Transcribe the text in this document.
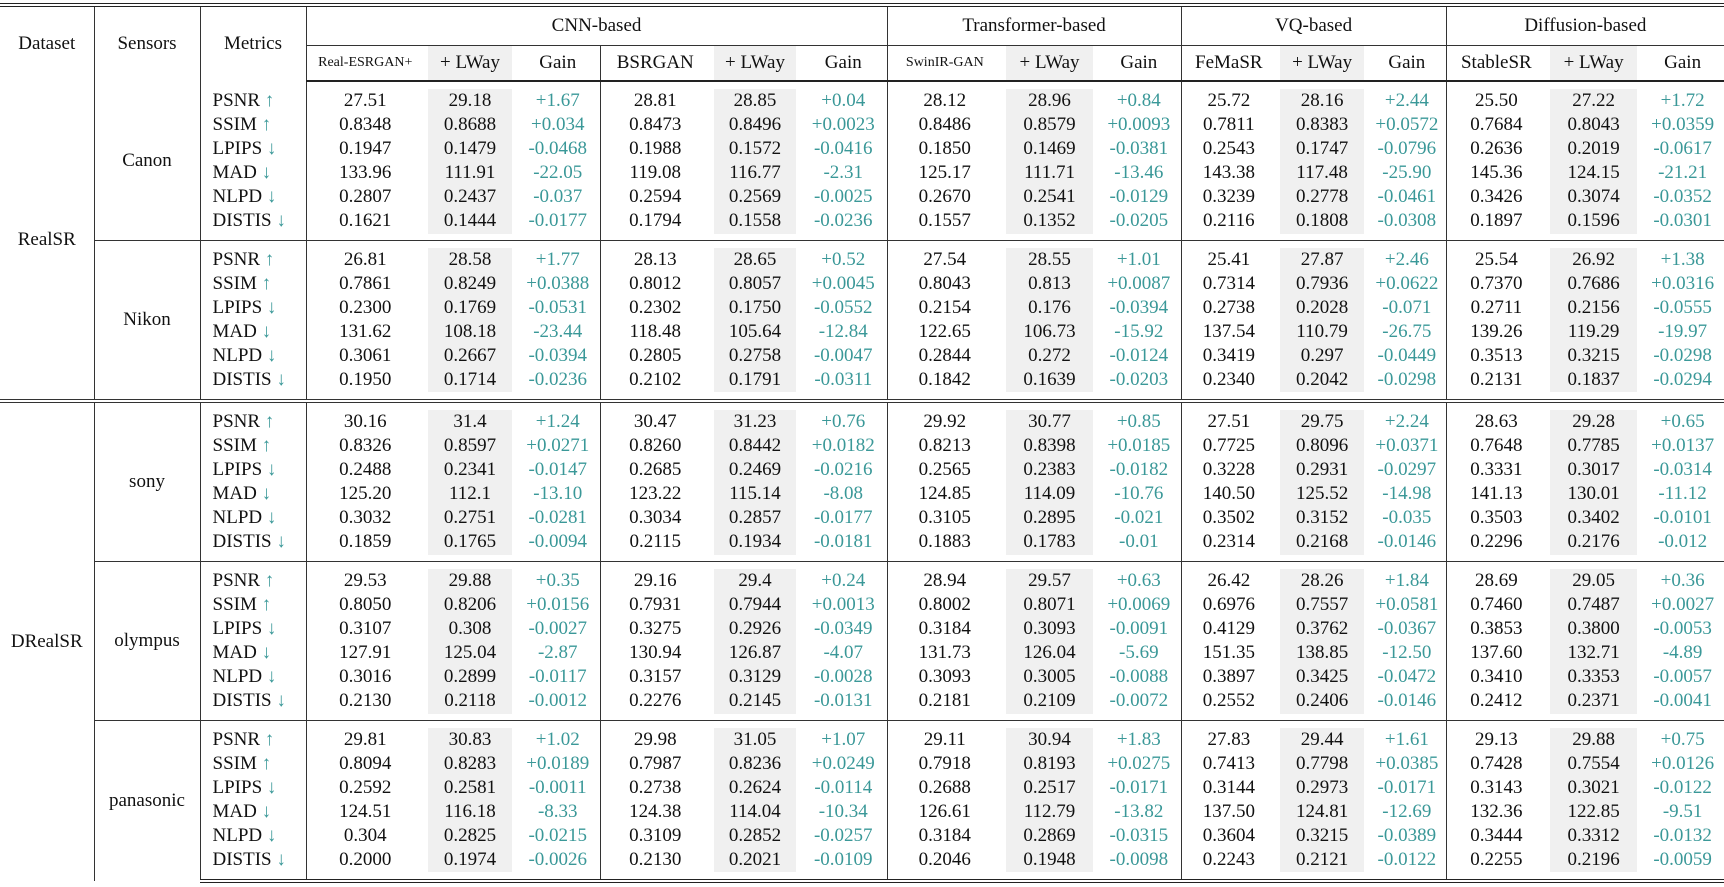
Dataset	Sensors	Metrics	CNN-based						Transformer-based			VQ-based			Diffusion-based		
			Real-ESRGAN+	+ LWay	Gain	BSRGAN	+ LWay	Gain	SwinIR-GAN	+ LWay	Gain	FeMaSR	+ LWay	Gain	StableSR	+ LWay	Gain
RealSR	Canon	PSNR ↑	27.51	29.18	+1.67	28.81	28.85	+0.04	28.12	28.96	+0.84	25.72	28.16	+2.44	25.50	27.22	+1.72
		SSIM ↑	0.8348	0.8688	+0.034	0.8473	0.8496	+0.0023	0.8486	0.8579	+0.0093	0.7811	0.8383	+0.0572	0.7684	0.8043	+0.0359
		LPIPS ↓	0.1947	0.1479	-0.0468	0.1988	0.1572	-0.0416	0.1850	0.1469	-0.0381	0.2543	0.1747	-0.0796	0.2636	0.2019	-0.0617
		MAD ↓	133.96	111.91	-22.05	119.08	116.77	-2.31	125.17	111.71	-13.46	143.38	117.48	-25.90	145.36	124.15	-21.21
		NLPD ↓	0.2807	0.2437	-0.037	0.2594	0.2569	-0.0025	0.2670	0.2541	-0.0129	0.3239	0.2778	-0.0461	0.3426	0.3074	-0.0352
		DISTIS ↓	0.1621	0.1444	-0.0177	0.1794	0.1558	-0.0236	0.1557	0.1352	-0.0205	0.2116	0.1808	-0.0308	0.1897	0.1596	-0.0301
	Nikon	PSNR ↑	26.81	28.58	+1.77	28.13	28.65	+0.52	27.54	28.55	+1.01	25.41	27.87	+2.46	25.54	26.92	+1.38
		SSIM ↑	0.7861	0.8249	+0.0388	0.8012	0.8057	+0.0045	0.8043	0.813	+0.0087	0.7314	0.7936	+0.0622	0.7370	0.7686	+0.0316
		LPIPS ↓	0.2300	0.1769	-0.0531	0.2302	0.1750	-0.0552	0.2154	0.176	-0.0394	0.2738	0.2028	-0.071	0.2711	0.2156	-0.0555
		MAD ↓	131.62	108.18	-23.44	118.48	105.64	-12.84	122.65	106.73	-15.92	137.54	110.79	-26.75	139.26	119.29	-19.97
		NLPD ↓	0.3061	0.2667	-0.0394	0.2805	0.2758	-0.0047	0.2844	0.272	-0.0124	0.3419	0.297	-0.0449	0.3513	0.3215	-0.0298
		DISTIS ↓	0.1950	0.1714	-0.0236	0.2102	0.1791	-0.0311	0.1842	0.1639	-0.0203	0.2340	0.2042	-0.0298	0.2131	0.1837	-0.0294
DRealSR	sony	PSNR ↑	30.16	31.4	+1.24	30.47	31.23	+0.76	29.92	30.77	+0.85	27.51	29.75	+2.24	28.63	29.28	+0.65
		SSIM ↑	0.8326	0.8597	+0.0271	0.8260	0.8442	+0.0182	0.8213	0.8398	+0.0185	0.7725	0.8096	+0.0371	0.7648	0.7785	+0.0137
		LPIPS ↓	0.2488	0.2341	-0.0147	0.2685	0.2469	-0.0216	0.2565	0.2383	-0.0182	0.3228	0.2931	-0.0297	0.3331	0.3017	-0.0314
		MAD ↓	125.20	112.1	-13.10	123.22	115.14	-8.08	124.85	114.09	-10.76	140.50	125.52	-14.98	141.13	130.01	-11.12
		NLPD ↓	0.3032	0.2751	-0.0281	0.3034	0.2857	-0.0177	0.3105	0.2895	-0.021	0.3502	0.3152	-0.035	0.3503	0.3402	-0.0101
		DISTIS ↓	0.1859	0.1765	-0.0094	0.2115	0.1934	-0.0181	0.1883	0.1783	-0.01	0.2314	0.2168	-0.0146	0.2296	0.2176	-0.012
	olympus	PSNR ↑	29.53	29.88	+0.35	29.16	29.4	+0.24	28.94	29.57	+0.63	26.42	28.26	+1.84	28.69	29.05	+0.36
		SSIM ↑	0.8050	0.8206	+0.0156	0.7931	0.7944	+0.0013	0.8002	0.8071	+0.0069	0.6976	0.7557	+0.0581	0.7460	0.7487	+0.0027
		LPIPS ↓	0.3107	0.308	-0.0027	0.3275	0.2926	-0.0349	0.3184	0.3093	-0.0091	0.4129	0.3762	-0.0367	0.3853	0.3800	-0.0053
		MAD ↓	127.91	125.04	-2.87	130.94	126.87	-4.07	131.73	126.04	-5.69	151.35	138.85	-12.50	137.60	132.71	-4.89
		NLPD ↓	0.3016	0.2899	-0.0117	0.3157	0.3129	-0.0028	0.3093	0.3005	-0.0088	0.3897	0.3425	-0.0472	0.3410	0.3353	-0.0057
		DISTIS ↓	0.2130	0.2118	-0.0012	0.2276	0.2145	-0.0131	0.2181	0.2109	-0.0072	0.2552	0.2406	-0.0146	0.2412	0.2371	-0.0041
	panasonic	PSNR ↑	29.81	30.83	+1.02	29.98	31.05	+1.07	29.11	30.94	+1.83	27.83	29.44	+1.61	29.13	29.88	+0.75
		SSIM ↑	0.8094	0.8283	+0.0189	0.7987	0.8236	+0.0249	0.7918	0.8193	+0.0275	0.7413	0.7798	+0.0385	0.7428	0.7554	+0.0126
		LPIPS ↓	0.2592	0.2581	-0.0011	0.2738	0.2624	-0.0114	0.2688	0.2517	-0.0171	0.3144	0.2973	-0.0171	0.3143	0.3021	-0.0122
		MAD ↓	124.51	116.18	-8.33	124.38	114.04	-10.34	126.61	112.79	-13.82	137.50	124.81	-12.69	132.36	122.85	-9.51
		NLPD ↓	0.304	0.2825	-0.0215	0.3109	0.2852	-0.0257	0.3184	0.2869	-0.0315	0.3604	0.3215	-0.0389	0.3444	0.3312	-0.0132
		DISTIS ↓	0.2000	0.1974	-0.0026	0.2130	0.2021	-0.0109	0.2046	0.1948	-0.0098	0.2243	0.2121	-0.0122	0.2255	0.2196	-0.0059
